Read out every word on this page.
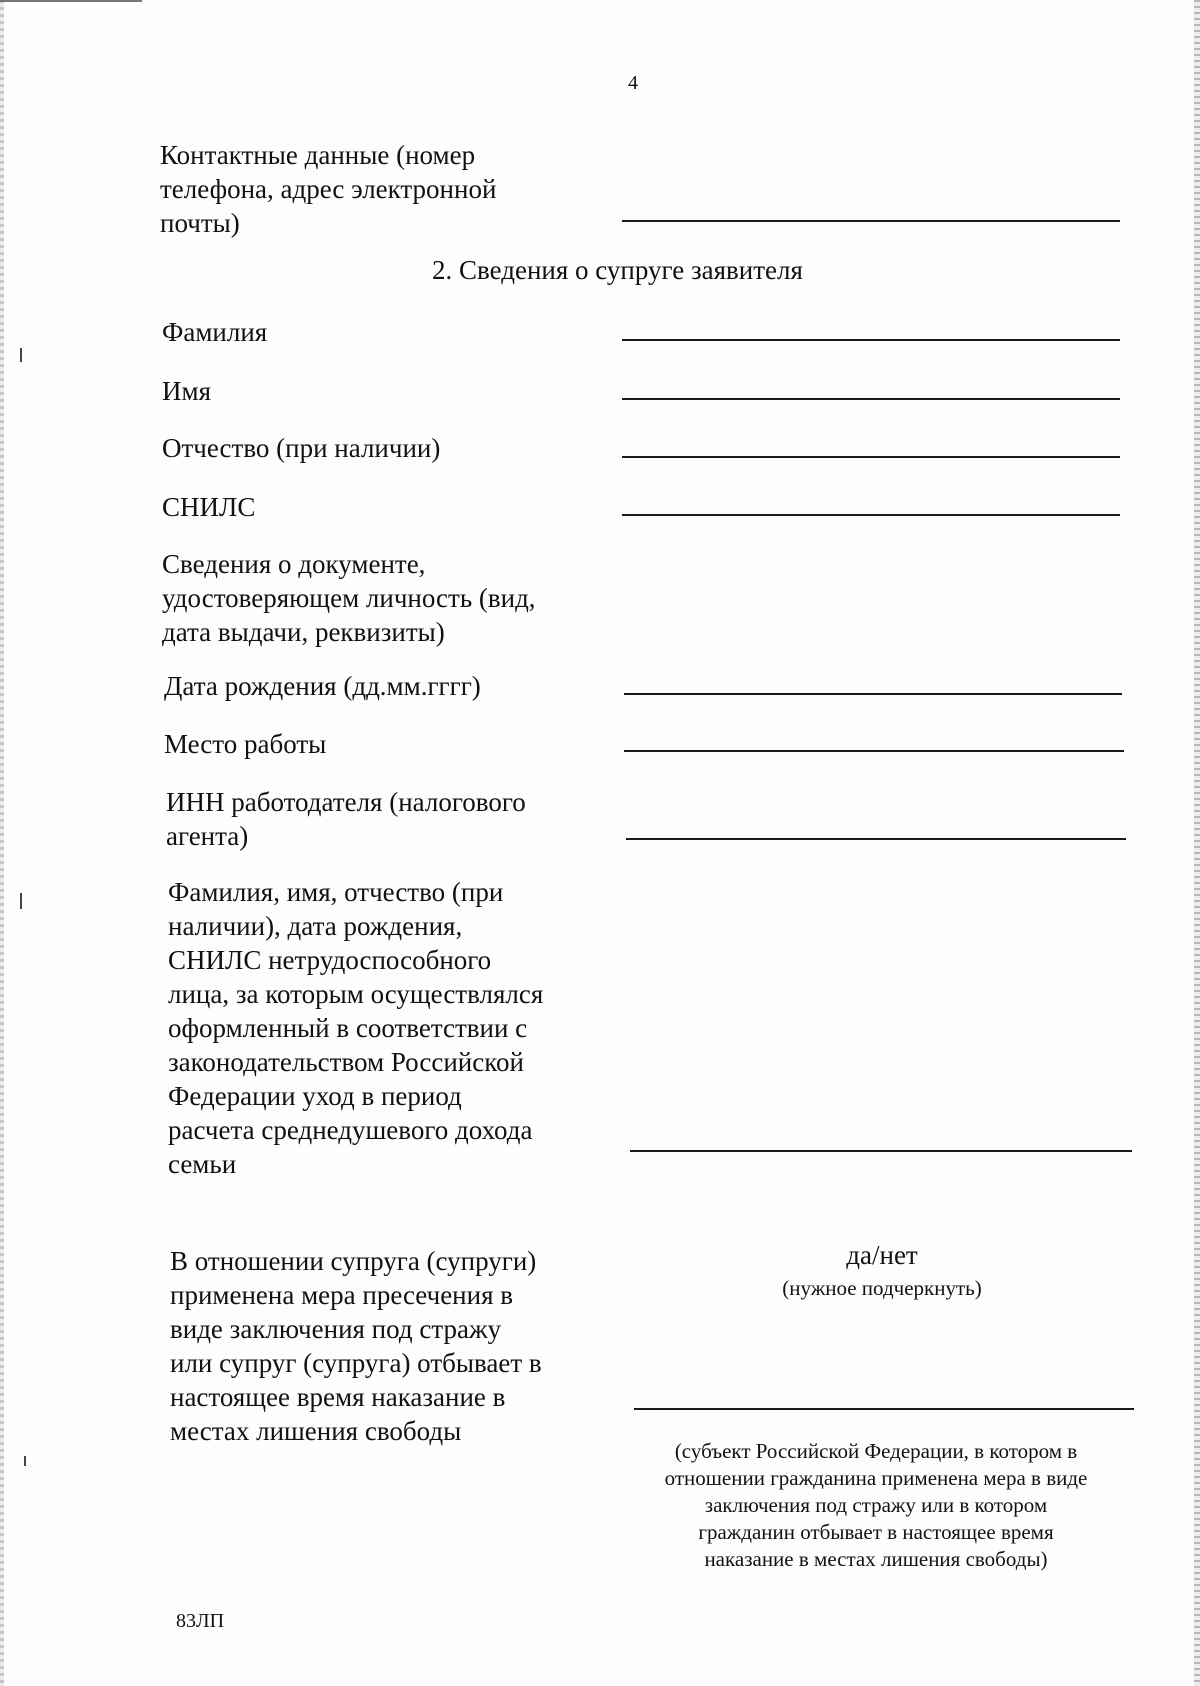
4
Контактные данные (номер
телефона, адрес электронной
почты)
2. Сведения о супруге заявителя
Фамилия
Имя
Отчество (при наличии)
СНИЛС
Сведения о документе,
удостоверяющем личность (вид,
дата выдачи, реквизиты)
Дата рождения (дд.мм.гггг)
Место работы
ИНН работодателя (налогового
агента)
Фамилия, имя, отчество (при
наличии), дата рождения,
СНИЛС нетрудоспособного
лица, за которым осуществлялся
оформленный в соответствии с
законодательством Российской
Федерации уход в период
расчета среднедушевого дохода
семьи
В отношении супруга (супруги)
применена мера пресечения в
виде заключения под стражу
или супруг (супруга) отбывает в
настоящее время наказание в
местах лишения свободы
да/нет
(нужное подчеркнуть)
(субъект Российской Федерации, в котором в
отношении гражданина применена мера в виде
заключения под стражу или в котором
гражданин отбывает в настоящее время
наказание в местах лишения свободы)
83ЛП
